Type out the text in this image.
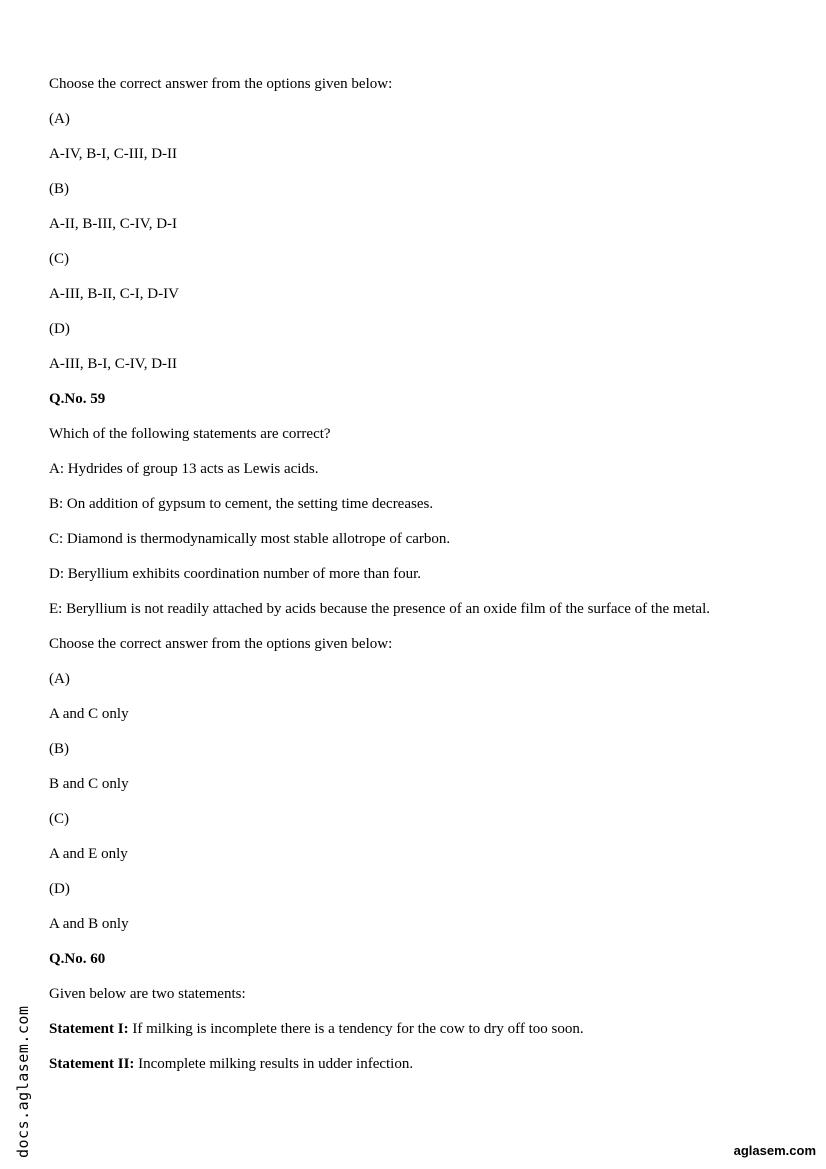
Choose the correct answer from the options given below:
(A)
A-IV, B-I, C-III, D-II
(B)
A-II, B-III, C-IV, D-I
(C)
A-III, B-II, C-I, D-IV
(D)
A-III, B-I, C-IV, D-II
Q.No. 59
Which of the following statements are correct?
A: Hydrides of group 13 acts as Lewis acids.
B: On addition of gypsum to cement, the setting time decreases.
C: Diamond is thermodynamically most stable allotrope of carbon.
D: Beryllium exhibits coordination number of more than four.
E: Beryllium is not readily attached by acids because the presence of an oxide film of the surface of the metal.
Choose the correct answer from the options given below:
(A)
A and C only
(B)
B and C only
(C)
A and E only
(D)
A and B only
Q.No. 60
Given below are two statements:
Statement I: If milking is incomplete there is a tendency for the cow to dry off too soon.
Statement II: Incomplete milking results in udder infection.
docs.aglasem.com	aglasem.com
